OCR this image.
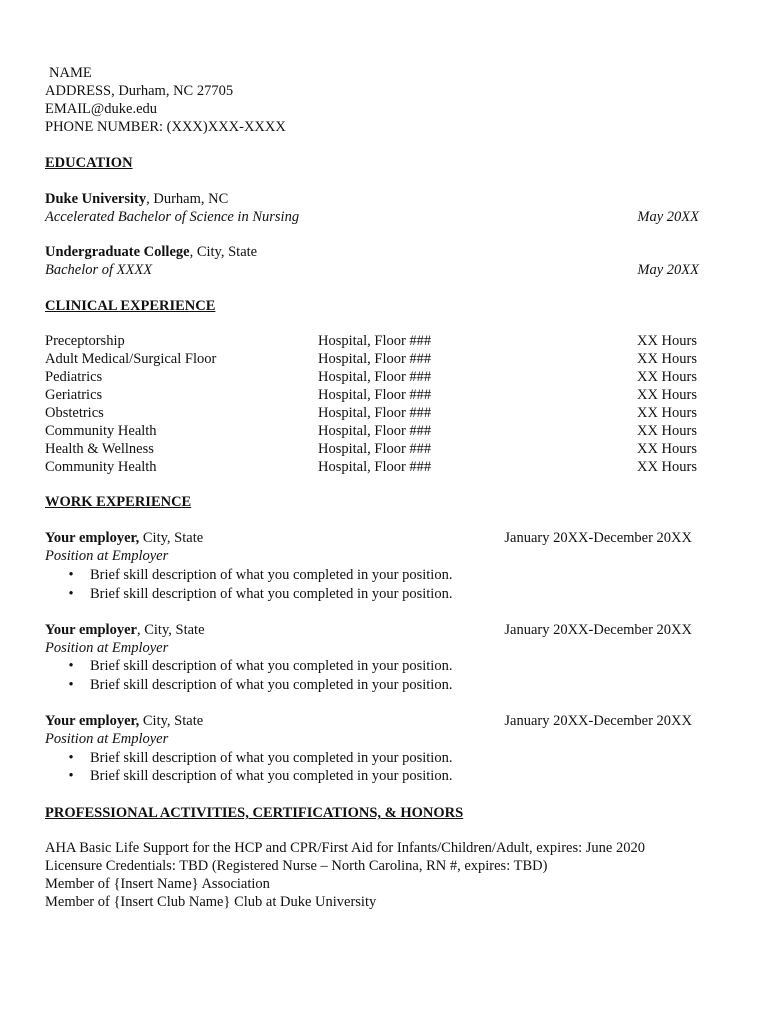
NAME
ADDRESS, Durham, NC 27705
EMAIL@duke.edu
PHONE NUMBER: (XXX)XXX-XXXX
EDUCATION
Duke University, Durham, NC
Accelerated Bachelor of Science in Nursing	May 20XX
Undergraduate College, City, State
Bachelor of XXXX	May 20XX
CLINICAL EXPERIENCE
Preceptorship	Hospital, Floor ###	XX Hours
Adult Medical/Surgical Floor	Hospital, Floor ###	XX Hours
Pediatrics	Hospital, Floor ###	XX Hours
Geriatrics	Hospital, Floor ###	XX Hours
Obstetrics	Hospital, Floor ###	XX Hours
Community Health	Hospital, Floor ###	XX Hours
Health & Wellness	Hospital, Floor ###	XX Hours
Community Health	Hospital, Floor ###	XX Hours
WORK EXPERIENCE
Your employer, City, State	January 20XX-December 20XX
Position at Employer
• Brief skill description of what you completed in your position.
• Brief skill description of what you completed in your position.
Your employer, City, State	January 20XX-December 20XX
Position at Employer
• Brief skill description of what you completed in your position.
• Brief skill description of what you completed in your position.
Your employer, City, State	January 20XX-December 20XX
Position at Employer
• Brief skill description of what you completed in your position.
• Brief skill description of what you completed in your position.
PROFESSIONAL ACTIVITIES, CERTIFICATIONS, & HONORS
AHA Basic Life Support for the HCP and CPR/First Aid for Infants/Children/Adult, expires: June 2020
Licensure Credentials: TBD (Registered Nurse – North Carolina, RN #, expires: TBD)
Member of {Insert Name} Association
Member of {Insert Club Name} Club at Duke University
